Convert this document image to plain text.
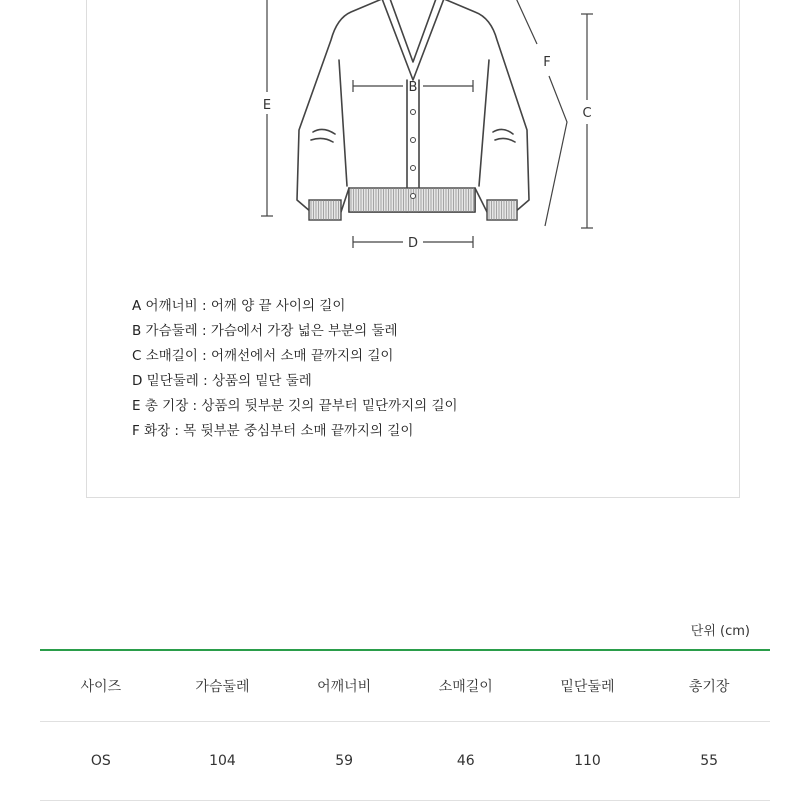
B
D
E
C
F
A 어깨너비 : 어깨 양 끝 사이의 길이
B 가슴둘레 : 가슴에서 가장 넓은 부분의 둘레
C 소매길이 : 어깨선에서 소매 끝까지의 길이
D 밑단둘레 : 상품의 밑단 둘레
E 총 기장 : 상품의 뒷부분 깃의 끝부터 밑단까지의 길이
F 화장 : 목 뒷부분 중심부터 소매 끝까지의 길이
단위 (cm)
사이즈	가슴둘레	어깨너비	소매길이	밑단둘레	총기장
OS	104	59	46	110	55
